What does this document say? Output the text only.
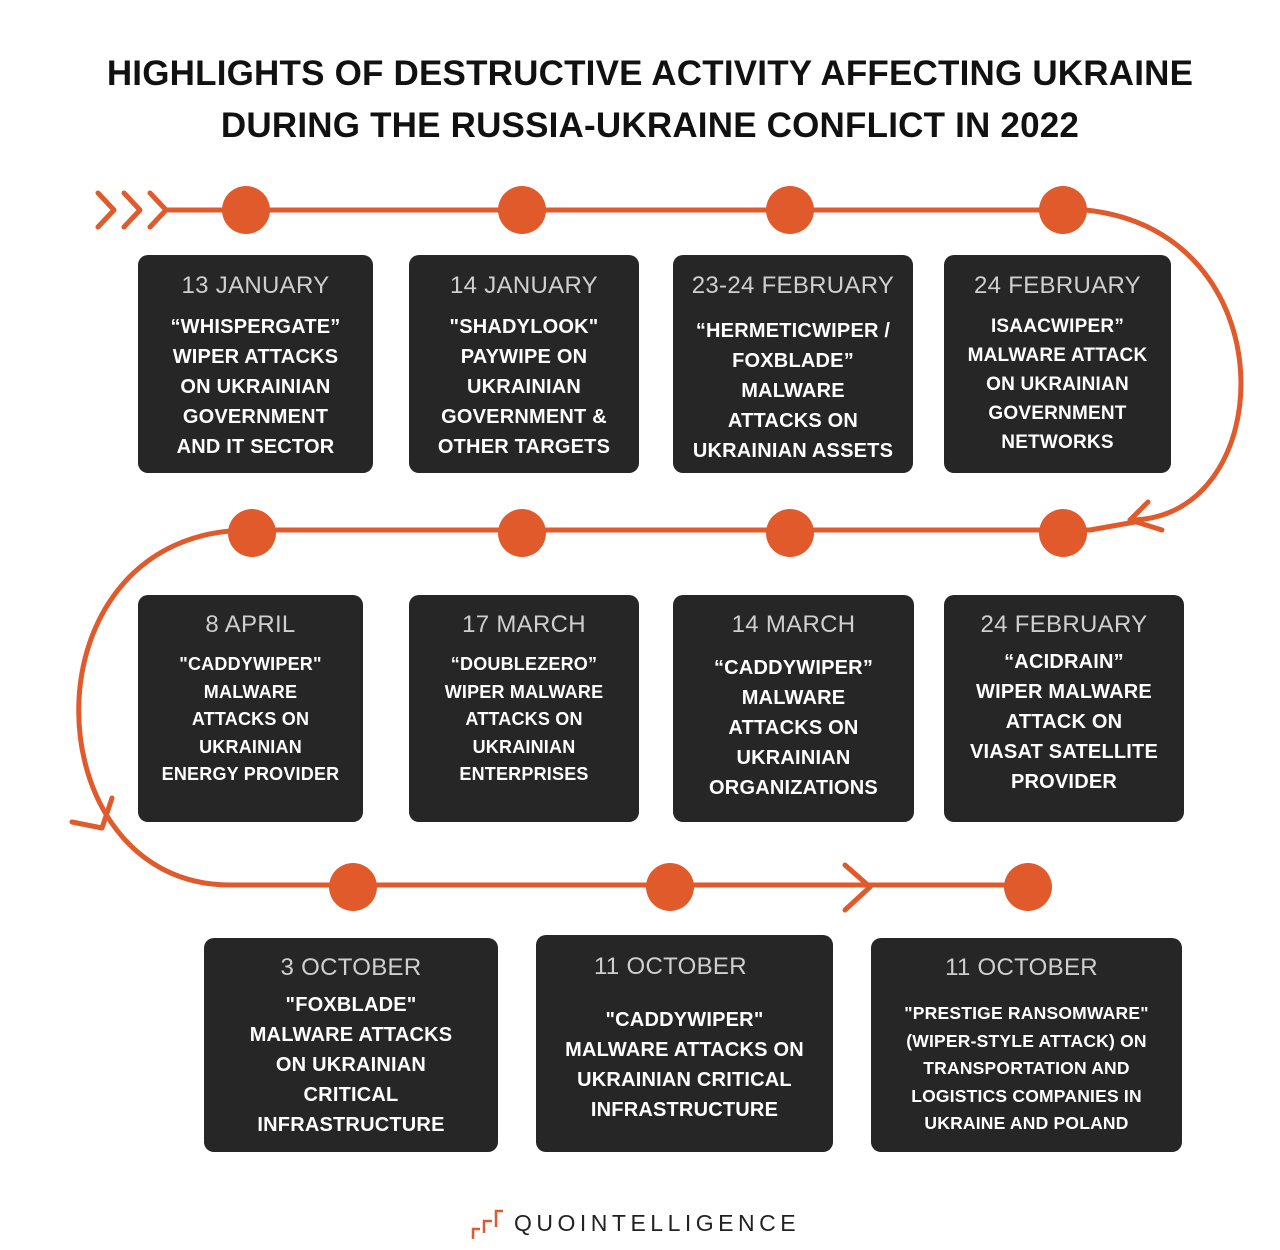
HIGHLIGHTS OF DESTRUCTIVE ACTIVITY AFFECTING UKRAINE
DURING THE RUSSIA-UKRAINE CONFLICT IN 2022
13 JANUARY
“WHISPERGATE”
WIPER ATTACKS
ON UKRAINIAN
GOVERNMENT
AND IT SECTOR
14 JANUARY
"SHADYLOOK"
PAYWIPE ON
UKRAINIAN
GOVERNMENT &
OTHER TARGETS
23-24 FEBRUARY
“HERMETICWIPER /
FOXBLADE”
MALWARE
ATTACKS ON
UKRAINIAN ASSETS
24 FEBRUARY
ISAACWIPER”
MALWARE ATTACK
ON UKRAINIAN
GOVERNMENT
NETWORKS
24 FEBRUARY
“ACIDRAIN”
WIPER MALWARE
ATTACK ON
VIASAT SATELLITE
PROVIDER
14 MARCH
“CADDYWIPER”
MALWARE
ATTACKS ON
UKRAINIAN
ORGANIZATIONS
17 MARCH
“DOUBLEZERO”
WIPER MALWARE
ATTACKS ON
UKRAINIAN
ENTERPRISES
8 APRIL
"CADDYWIPER"
MALWARE
ATTACKS ON
UKRAINIAN
ENERGY PROVIDER
3 OCTOBER
"FOXBLADE"
MALWARE ATTACKS
ON UKRAINIAN
CRITICAL
INFRASTRUCTURE
11 OCTOBER
"CADDYWIPER"
MALWARE ATTACKS ON
UKRAINIAN CRITICAL
INFRASTRUCTURE
11 OCTOBER
"PRESTIGE RANSOMWARE"
(WIPER-STYLE ATTACK) ON
TRANSPORTATION AND
LOGISTICS COMPANIES IN
UKRAINE AND POLAND
QUOINTELLIGENCE
